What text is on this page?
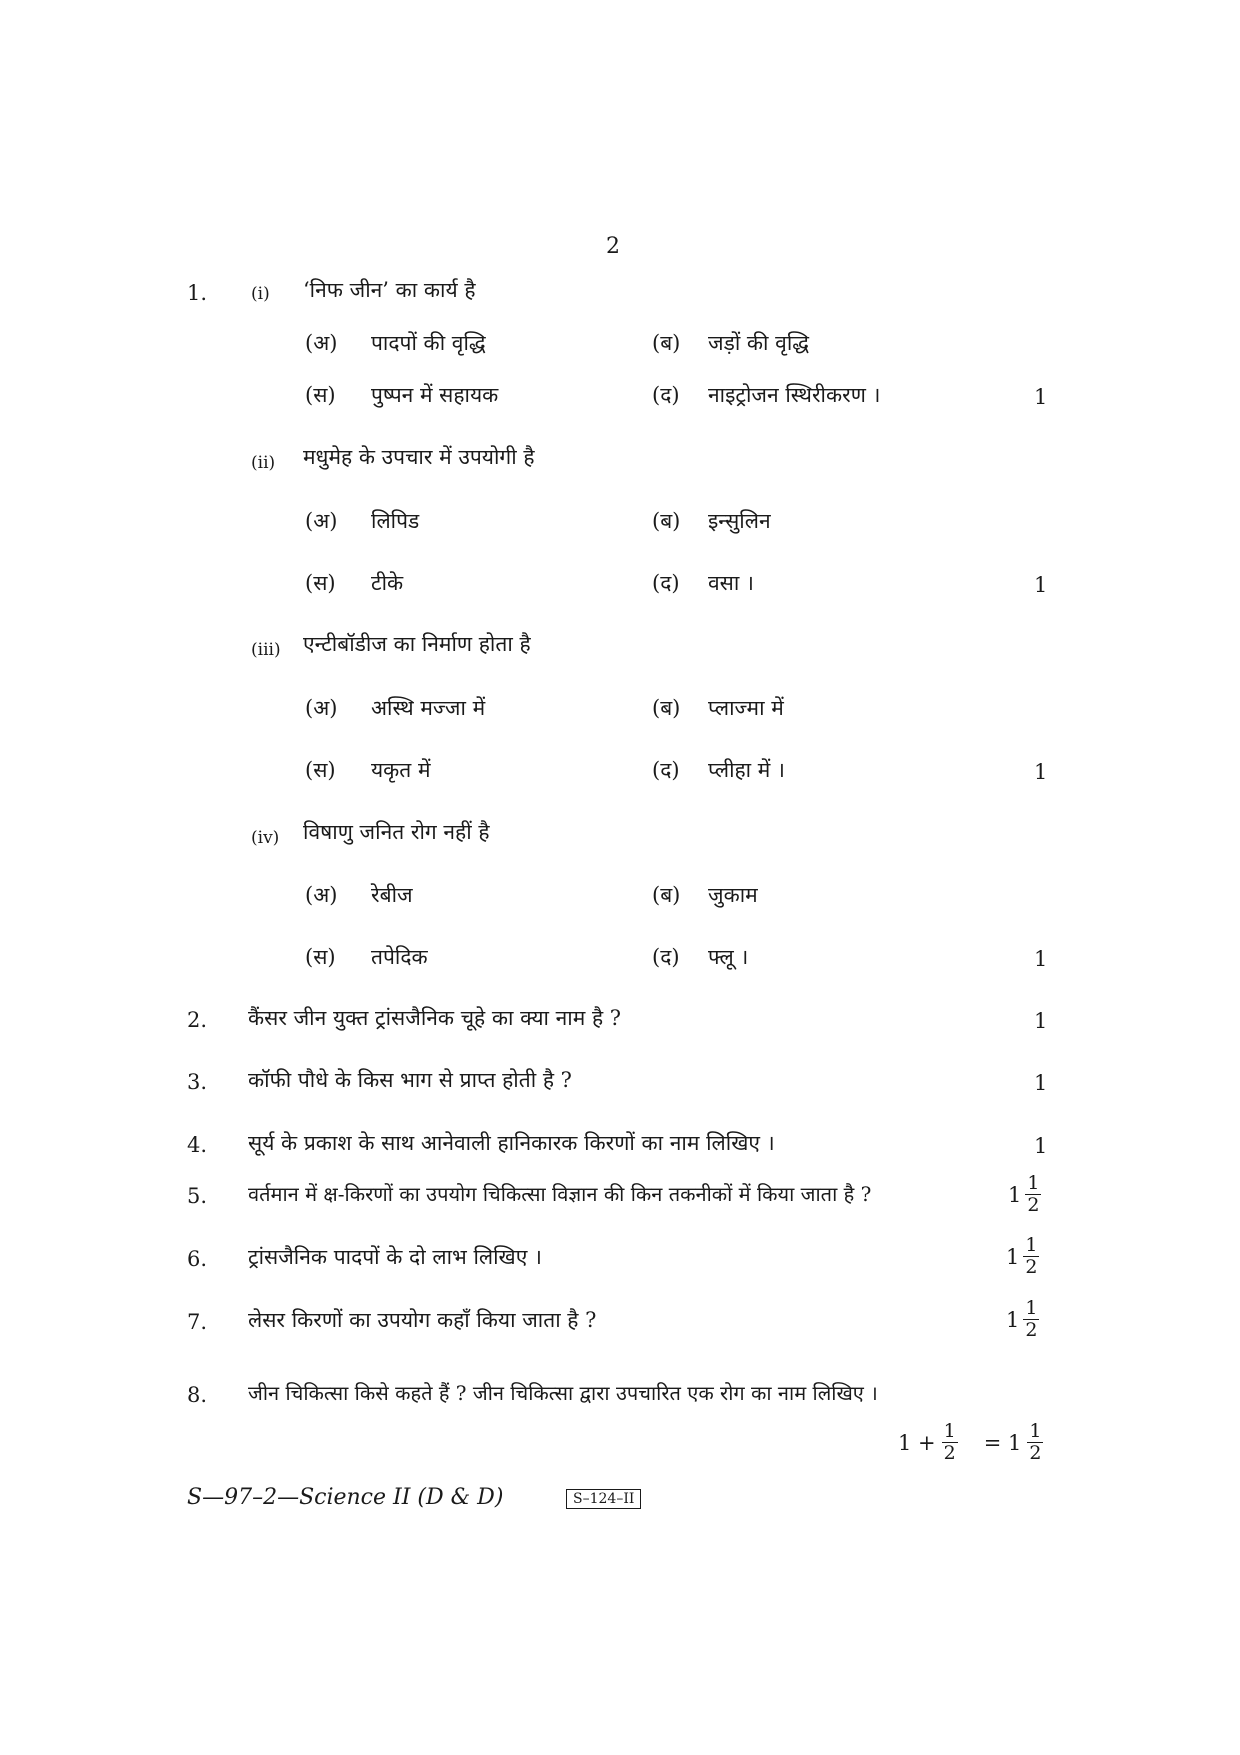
2
1.	(i) ‘निफ जीन’ का कार्य है
(अ) पादपों की वृद्धि	(ब) जड़ों की वृद्धि
(स) पुष्पन में सहायक	(द) नाइट्रोजन स्थिरीकरण ।	1
(ii) मधुमेह के उपचार में उपयोगी है
(अ) लिपिड	(ब) इन्सुलिन
(स) टीके	(द) वसा ।	1
(iii) एन्टीबॉडीज का निर्माण होता है
(अ) अस्थि मज्जा में	(ब) प्लाज्मा में
(स) यकृत में	(द) प्लीहा में ।	1
(iv) विषाणु जनित रोग नहीं है
(अ) रेबीज	(ब) जुकाम
(स) तपेदिक	(द) फ्लू ।	1
2. कैंसर जीन युक्त ट्रांसजैनिक चूहे का क्या नाम है ?	1
3. कॉफी पौधे के किस भाग से प्राप्त होती है ?	1
4. सूर्य के प्रकाश के साथ आनेवाली हानिकारक किरणों का नाम लिखिए ।	1
5. वर्तमान में क्ष-किरणों का उपयोग चिकित्सा विज्ञान की किन तकनीकों में किया जाता है ?	$1 \frac{1}{2}$
6. ट्रांसजैनिक पादपों के दो लाभ लिखिए ।	$1 \frac{1}{2}$
7. लेसर किरणों का उपयोग कहाँ किया जाता है ?	$1 \frac{1}{2}$
8. जीन चिकित्सा किसे कहते हैं ? जीन चिकित्सा द्वारा उपचारित एक रोग का नाम लिखिए ।
$1 + \frac{1}{2} = 1 \frac{1}{2}$
S—97–2—Science II (D & D)	S–124–II
